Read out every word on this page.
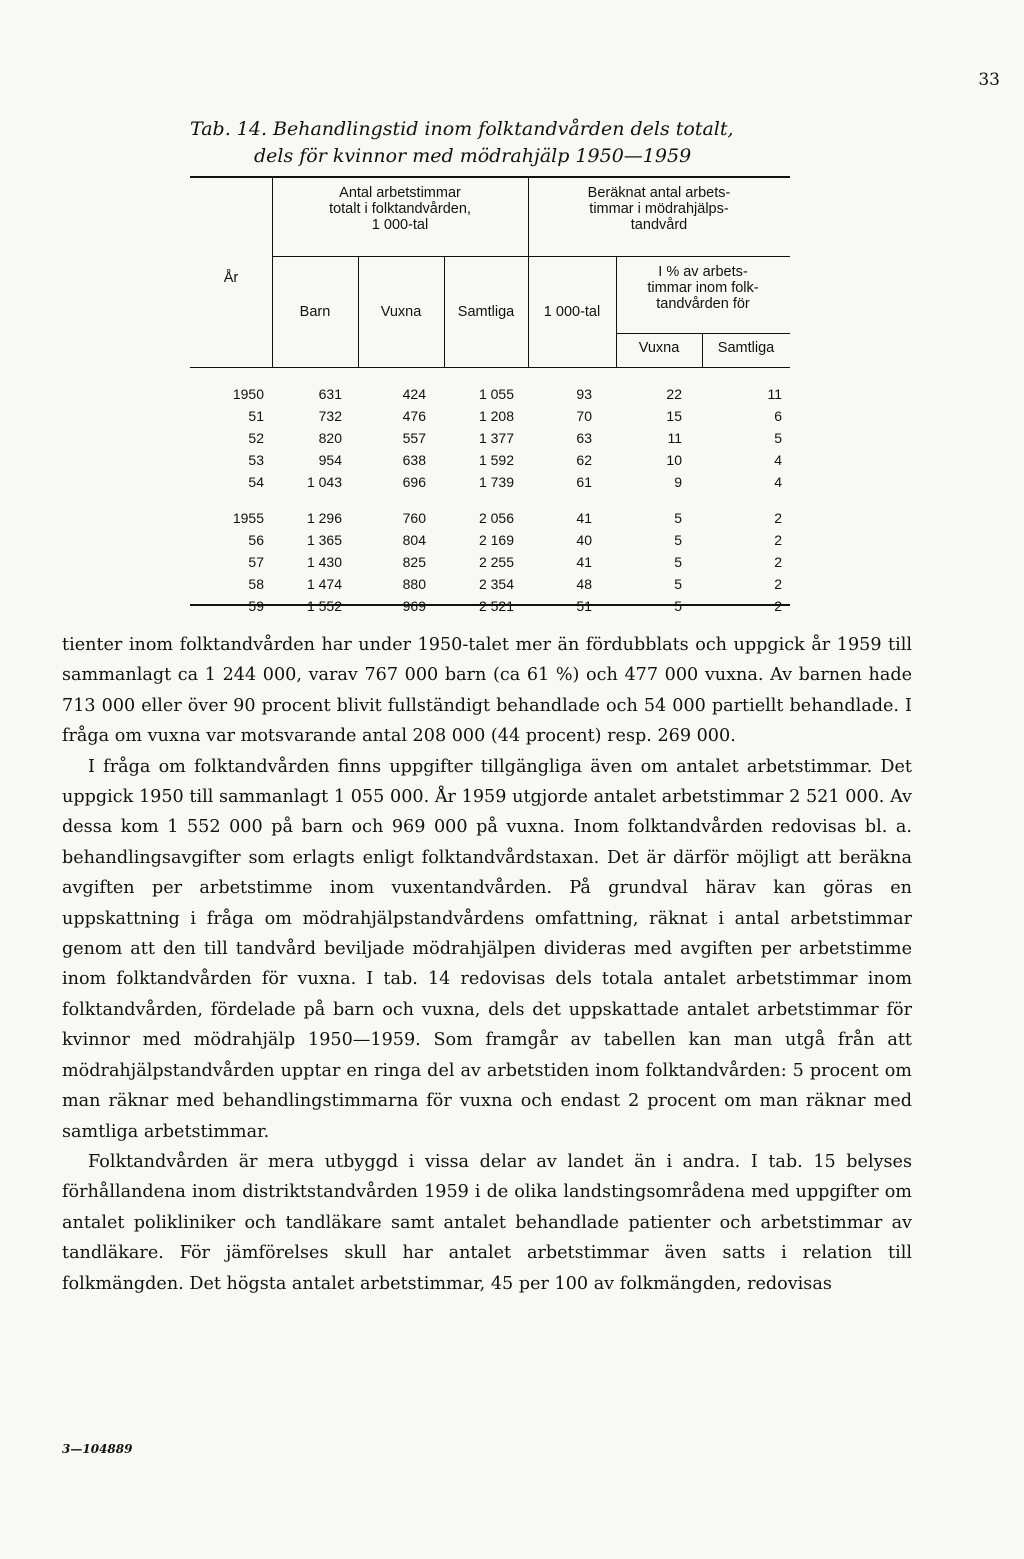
33
Tab. 14. Behandlingstid inom folktandvården dels totalt,
dels för kvinnor med mödrahjälp 1950—1959
År
Antal arbetstimmar
totalt i folktandvården,
1 000-tal
Beräknat antal arbets-
timmar i mödrahjälps-
tandvård
Barn	Vuxna	Samtliga	1 000-tal
I % av arbets-
timmar inom folk-
tandvården för
Vuxna	Samtliga
1950	631	424	1 055	93	22	11
51	732	476	1 208	70	15	6
52	820	557	1 377	63	11	5
53	954	638	1 592	62	10	4
54	1 043	696	1 739	61	9	4
1955	1 296	760	2 056	41	5	2
56	1 365	804	2 169	40	5	2
57	1 430	825	2 255	41	5	2
58	1 474	880	2 354	48	5	2
59	1 552	969	2 521	51	5	2

tienter inom folktandvården har under 1950-talet mer än fördubblats och uppgick år 1959 till sammanlagt ca 1 244 000, varav 767 000 barn (ca 61 %) och 477 000 vuxna. Av barnen hade 713 000 eller över 90 procent blivit fullständigt behandlade och 54 000 partiellt behandlade. I fråga om vuxna var motsvarande antal 208 000 (44 procent) resp. 269 000.

I fråga om folktandvården finns uppgifter tillgängliga även om antalet arbetstimmar. Det uppgick 1950 till sammanlagt 1 055 000. År 1959 utgjorde antalet arbetstimmar 2 521 000. Av dessa kom 1 552 000 på barn och 969 000 på vuxna. Inom folktandvården redovisas bl. a. behandlingsavgifter som erlagts enligt folktandvårdstaxan. Det är därför möjligt att beräkna avgiften per arbetstimme inom vuxentandvården. På grundval härav kan göras en uppskattning i fråga om mödrahjälpstandvårdens omfattning, räknat i antal arbetstimmar genom att den till tandvård beviljade mödrahjälpen divideras med avgiften per arbetstimme inom folktandvården för vuxna. I tab. 14 redovisas dels totala antalet arbetstimmar inom folktandvården, fördelade på barn och vuxna, dels det uppskattade antalet arbetstimmar för kvinnor med mödrahjälp 1950—1959. Som framgår av tabellen kan man utgå från att mödrahjälpstandvården upptar en ringa del av arbetstiden inom folktandvården: 5 procent om man räknar med behandlingstimmarna för vuxna och endast 2 procent om man räknar med samtliga arbetstimmar.

Folktandvården är mera utbyggd i vissa delar av landet än i andra. I tab. 15 belyses förhållandena inom distriktstandvården 1959 i de olika landstingsområdena med uppgifter om antalet polikliniker och tandläkare samt antalet behandlade patienter och arbetstimmar av tandläkare. För jämförelses skull har antalet arbetstimmar även satts i relation till folkmängden. Det högsta antalet arbetstimmar, 45 per 100 av folkmängden, redovisas

3—104889
